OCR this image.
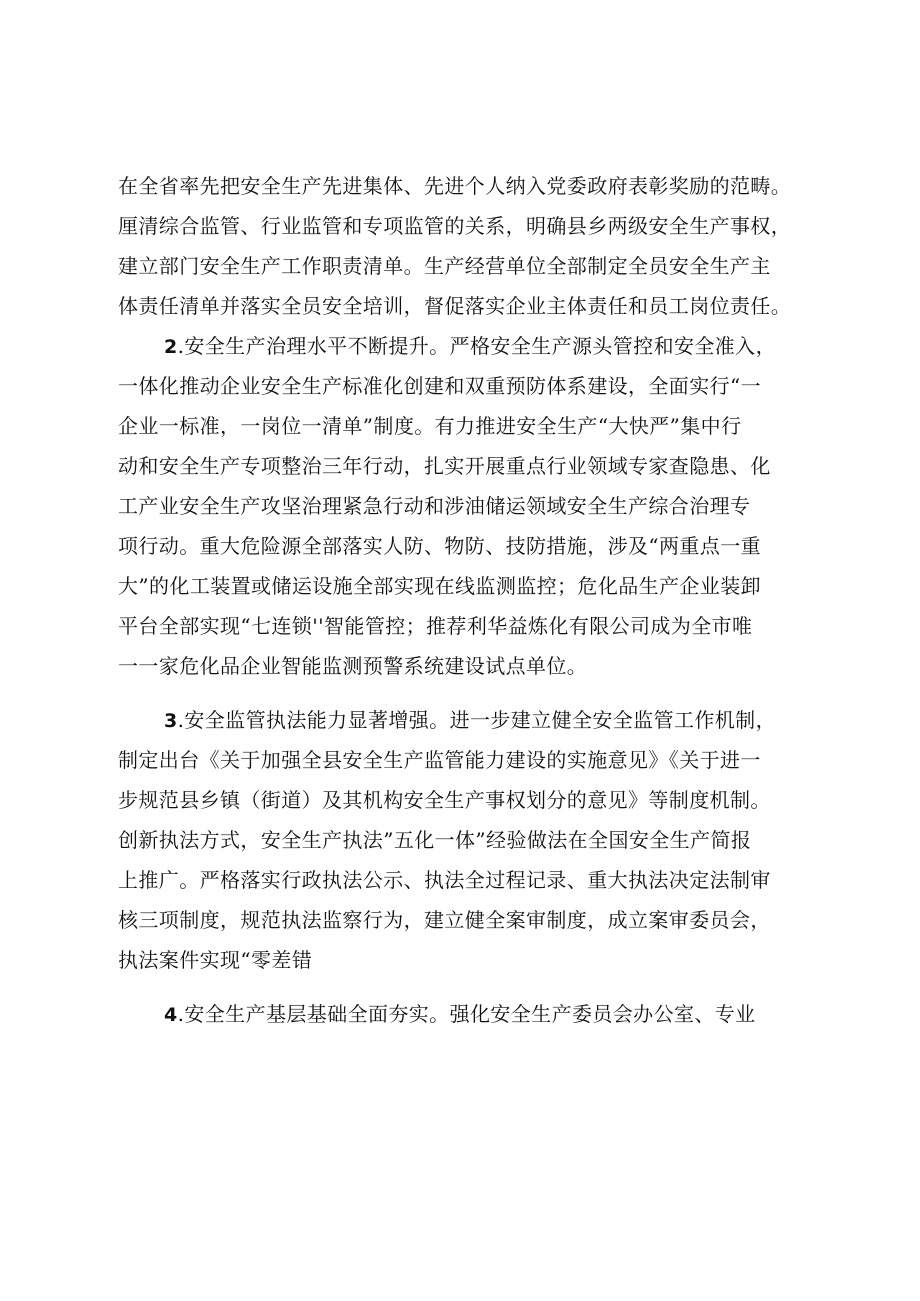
在全省率先把安全生产先进集体、先进个人纳入党委政府表彰奖励的范畴。
厘清综合监管、行业监管和专项监管的关系，明确县乡两级安全生产事权，
建立部门安全生产工作职责清单。生产经营单位全部制定全员安全生产主
体责任清单并落实全员安全培训，督促落实企业主体责任和员工岗位责任。
2.安全生产治理水平不断提升。严格安全生产源头管控和安全准入，
一体化推动企业安全生产标准化创建和双重预防体系建设，全面实行“一
企业一标准，一岗位一清单”制度。有力推进安全生产“大快严”集中行
动和安全生产专项整治三年行动，扎实开展重点行业领域专家查隐患、化
工产业安全生产攻坚治理紧急行动和涉油储运领域安全生产综合治理专
项行动。重大危险源全部落实人防、物防、技防措施，涉及“两重点一重
大”的化工装置或储运设施全部实现在线监测监控；危化品生产企业装卸
平台全部实现“七连锁''智能管控；推荐利华益炼化有限公司成为全市唯
一一家危化品企业智能监测预警系统建设试点单位。
3.安全监管执法能力显著增强。进一步建立健全安全监管工作机制，
制定出台《关于加强全县安全生产监管能力建设的实施意见》《关于进一
步规范县乡镇（街道）及其机构安全生产事权划分的意见》等制度机制。
创新执法方式，安全生产执法”五化一体”经验做法在全国安全生产简报
上推广。严格落实行政执法公示、执法全过程记录、重大执法决定法制审
核三项制度，规范执法监察行为，建立健全案审制度，成立案审委员会，
执法案件实现“零差错
4.安全生产基层基础全面夯实。强化安全生产委员会办公室、专业
